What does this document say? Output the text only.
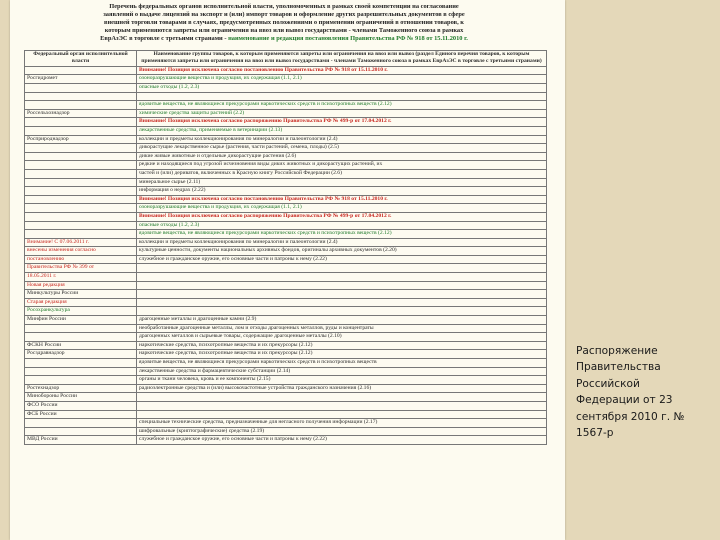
Перечень федеральных органов исполнительной власти, уполномоченных в рамках своей компетенции на согласование
заявлений о выдаче лицензий на экспорт и (или) импорт товаров и оформление других разрешительных документов в сфере
внешней торговли товарами в случаях, предусмотренных положениями о применении ограничений в отношении товаров, к
которым применяются запреты или ограничения на ввоз или вывоз государствами - членами Таможенного союза в рамках
ЕврАзЭС в торговле с третьими странами - наименование и редакция постановления Правительства РФ № 918 от 15.11.2010 г.
Федеральный орган исполнительной власти	Наименование группы товаров, к которым применяются запреты или ограничения на ввоз или вывоз (раздел Единого перечня товаров, к которым применяются запреты или ограничения на ввоз или вывоз государствами - членами Таможенного союза в рамках ЕврАзЭС в торговле с третьими странами)
	Внимание! Позиция исключена согласно постановлению Правительства РФ № 918 от 15.11.2010 г.
Росгидромет	озоноразрушающие вещества и продукция, их содержащая (1.1, 2.1)
	опасные отходы (1.2, 2.3)

	ядовитые вещества, не являющиеся прекурсорами наркотических средств и психотропных веществ (2.12)
Россельхознадзор	химические средства защиты растений (2.2)
	Внимание! Позиция исключена согласно распоряжению Правительства РФ № 499-р от 17.04.2012 г.
	лекарственные средства, применяемые в ветеринарии (2.13)
Росприроднадзор	коллекции и предметы коллекционирования по минералогии и палеонтологии (2.4)
	дикорастущие лекарственное сырье (растения, части растений, семена, плоды) (2.5)
	дикие живые животные и отдельные дикорастущие растения (2.6)
	редкие и находящиеся под угрозой исчезновения виды диких животных и дикорастущих растений, их
	частей и (или) дериватов, включенных в Красную книгу Российской Федерации (2.6)
	минеральное сырье (2.11)
	информация о недрах (2.22)
	Внимание! Позиция исключена согласно постановлению Правительства РФ № 918 от 15.11.2010 г.
	озоноразрушающие вещества и продукция, их содержащая (1.1, 2.1)
	Внимание! Позиция исключена согласно распоряжению Правительства РФ № 499-р от 17.04.2012 г.
	опасные отходы (1.2, 2.3)
	ядовитые вещества, не являющиеся прекурсорами наркотических средств и психотропных веществ (2.12)
Внимание! С 07.06.2011 г.	коллекции и предметы коллекционирования по минералогии и палеонтологии (2.4)
внесены изменения согласно	культурные ценности, документы национальных архивных фондов, оригиналы архивных документов (2.20)
постановлению	служебное и гражданское оружие, его основные части и патроны к нему (2.22)
Правительства РФ № 399 от	
18.05.2011 г.	
Новая редакция	
Минкультуры России	
Старая редакция	
Росохранкультура	
Минфин России	драгоценные металлы и драгоценные камни (2.9)
	необработанные драгоценные металлы, лом и отходы драгоценных металлов, руды и концентраты
	драгоценных металлов и сырьевые товары, содержащие драгоценные металлы (2.10)
ФСКН России	наркотические средства, психотропные вещества и их прекурсоры (2.12)
Росздравнадзор	наркотические средства, психотропные вещества и их прекурсоры (2.12)
	ядовитые вещества, не являющиеся прекурсорами наркотических средств и психотропных веществ
	лекарственные средства и фармацевтические субстанции (2.14)
	органы и ткани человека, кровь и ее компоненты (2.15)
Ростехнадзор	радиоэлектронные средства и (или) высокочастотные устройства гражданского назначения (2.16)
Минобороны России	
ФСО России	
ФСБ России	
	специальные технические средства, предназначенные для негласного получения информации (2.17)
	шифровальные (криптографические) средства (2.19)
МВД России	служебное и гражданское оружие, его основные части и патроны к нему (2.22)
Распоряжение
Правительства
Российской
Федерации от 23
сентября 2010 г. №
1567-р
